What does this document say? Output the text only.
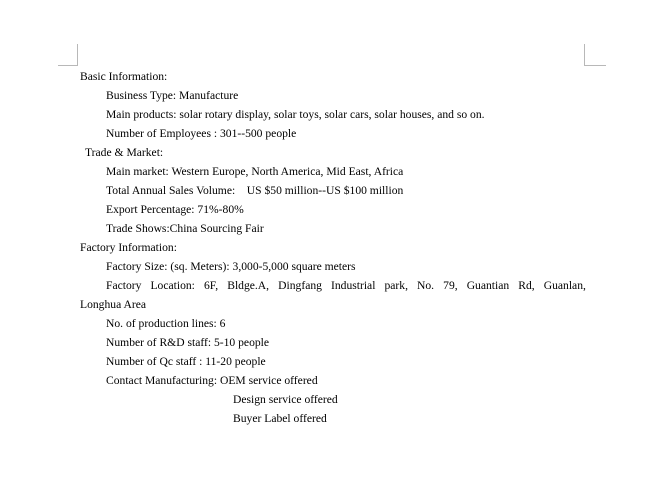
Basic Information:
Business Type: Manufacture
Main products: solar rotary display, solar toys, solar cars, solar houses, and so on.
Number of Employees : 301--500 people
Trade & Market:
Main market: Western Europe, North America, Mid East, Africa
Total Annual Sales Volume:    US $50 million--US $100 million
Export Percentage: 71%-80%
Trade Shows:China Sourcing Fair
Factory Information:
Factory Size: (sq. Meters): 3,000-5,000 square meters
Factory Location: 6F, Bldge.A, Dingfang Industrial park, No. 79, Guantian Rd, Guanlan,
Longhua Area
No. of production lines: 6
Number of R&D staff: 5-10 people
Number of Qc staff : 11-20 people
Contact Manufacturing: OEM service offered
Design service offered
Buyer Label offered
